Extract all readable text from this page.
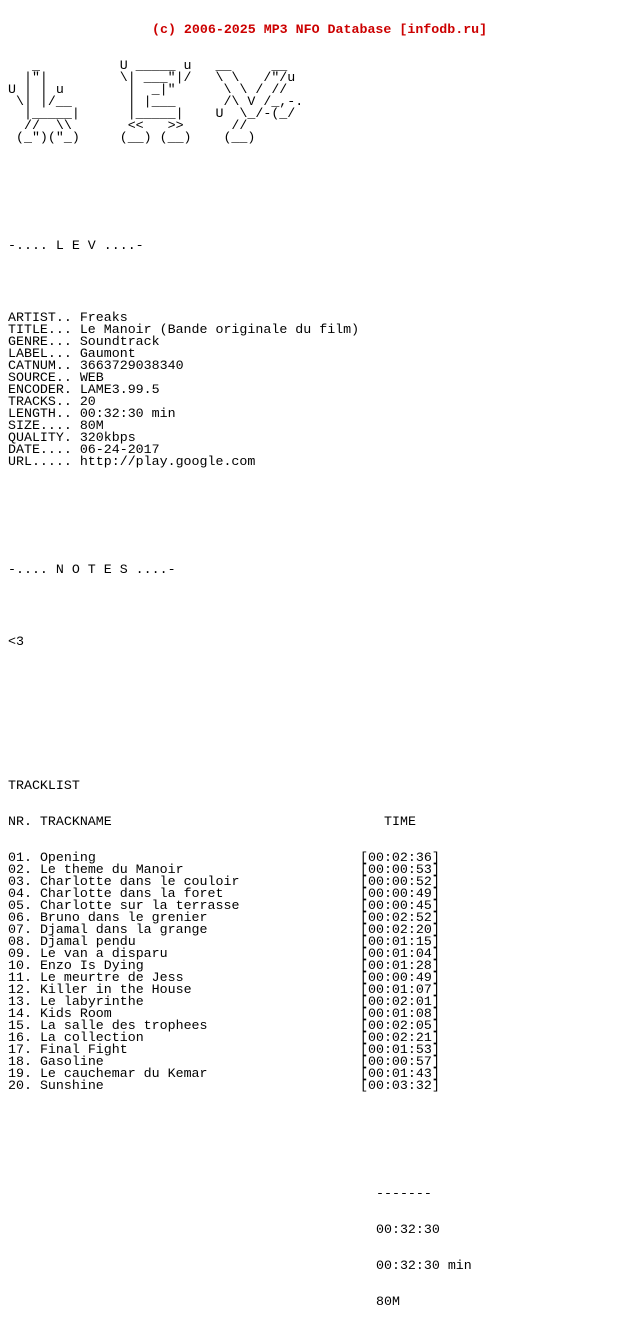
(c) 2006-2025 MP3 NFO Database [infodb.ru]

_          U _____ u   __     __
|"|         \| ___"|/   \ \   /"/u
U | | u        |  _|"      \ \ / //
\| |/__       | |___      /\ V /_,-.
|_____|      |_____|    U  \_/-(_/
//  \\       <<   >>      //
(_")("_)     (__) (__)    (__)

-.... L E V ....-

ARTIST.. Freaks
TITLE... Le Manoir (Bande originale du film)
GENRE... Soundtrack
LABEL... Gaumont
CATNUM.. 3663729038340
SOURCE.. WEB
ENCODER. LAME3.99.5
TRACKS.. 20
LENGTH.. 00:32:30 min
SIZE.... 80M
QUALITY. 320kbps
DATE.... 06-24-2017
URL..... http://play.google.com

-.... N O T E S ....-

<3

TRACKLIST

NR. TRACKNAME	TIME

01. Opening	[00:02:36]
02. Le theme du Manoir	[00:00:53]
03. Charlotte dans le couloir	[00:00:52]
04. Charlotte dans la foret	[00:00:49]
05. Charlotte sur la terrasse	[00:00:45]
06. Bruno dans le grenier	[00:02:52]
07. Djamal dans la grange	[00:02:20]
08. Djamal pendu	[00:01:15]
09. Le van a disparu	[00:01:04]
10. Enzo Is Dying	[00:01:28]
11. Le meurtre de Jess	[00:00:49]
12. Killer in the House	[00:01:07]
13. Le labyrinthe	[00:02:01]
14. Kids Room	[00:01:08]
15. La salle des trophees	[00:02:05]
16. La collection	[00:02:21]
17. Final Fight	[00:01:53]
18. Gasoline	[00:00:57]
19. Le cauchemar du Kemar	[00:01:43]
20. Sunshine	[00:03:32]

-------

00:32:30

00:32:30 min

80M
